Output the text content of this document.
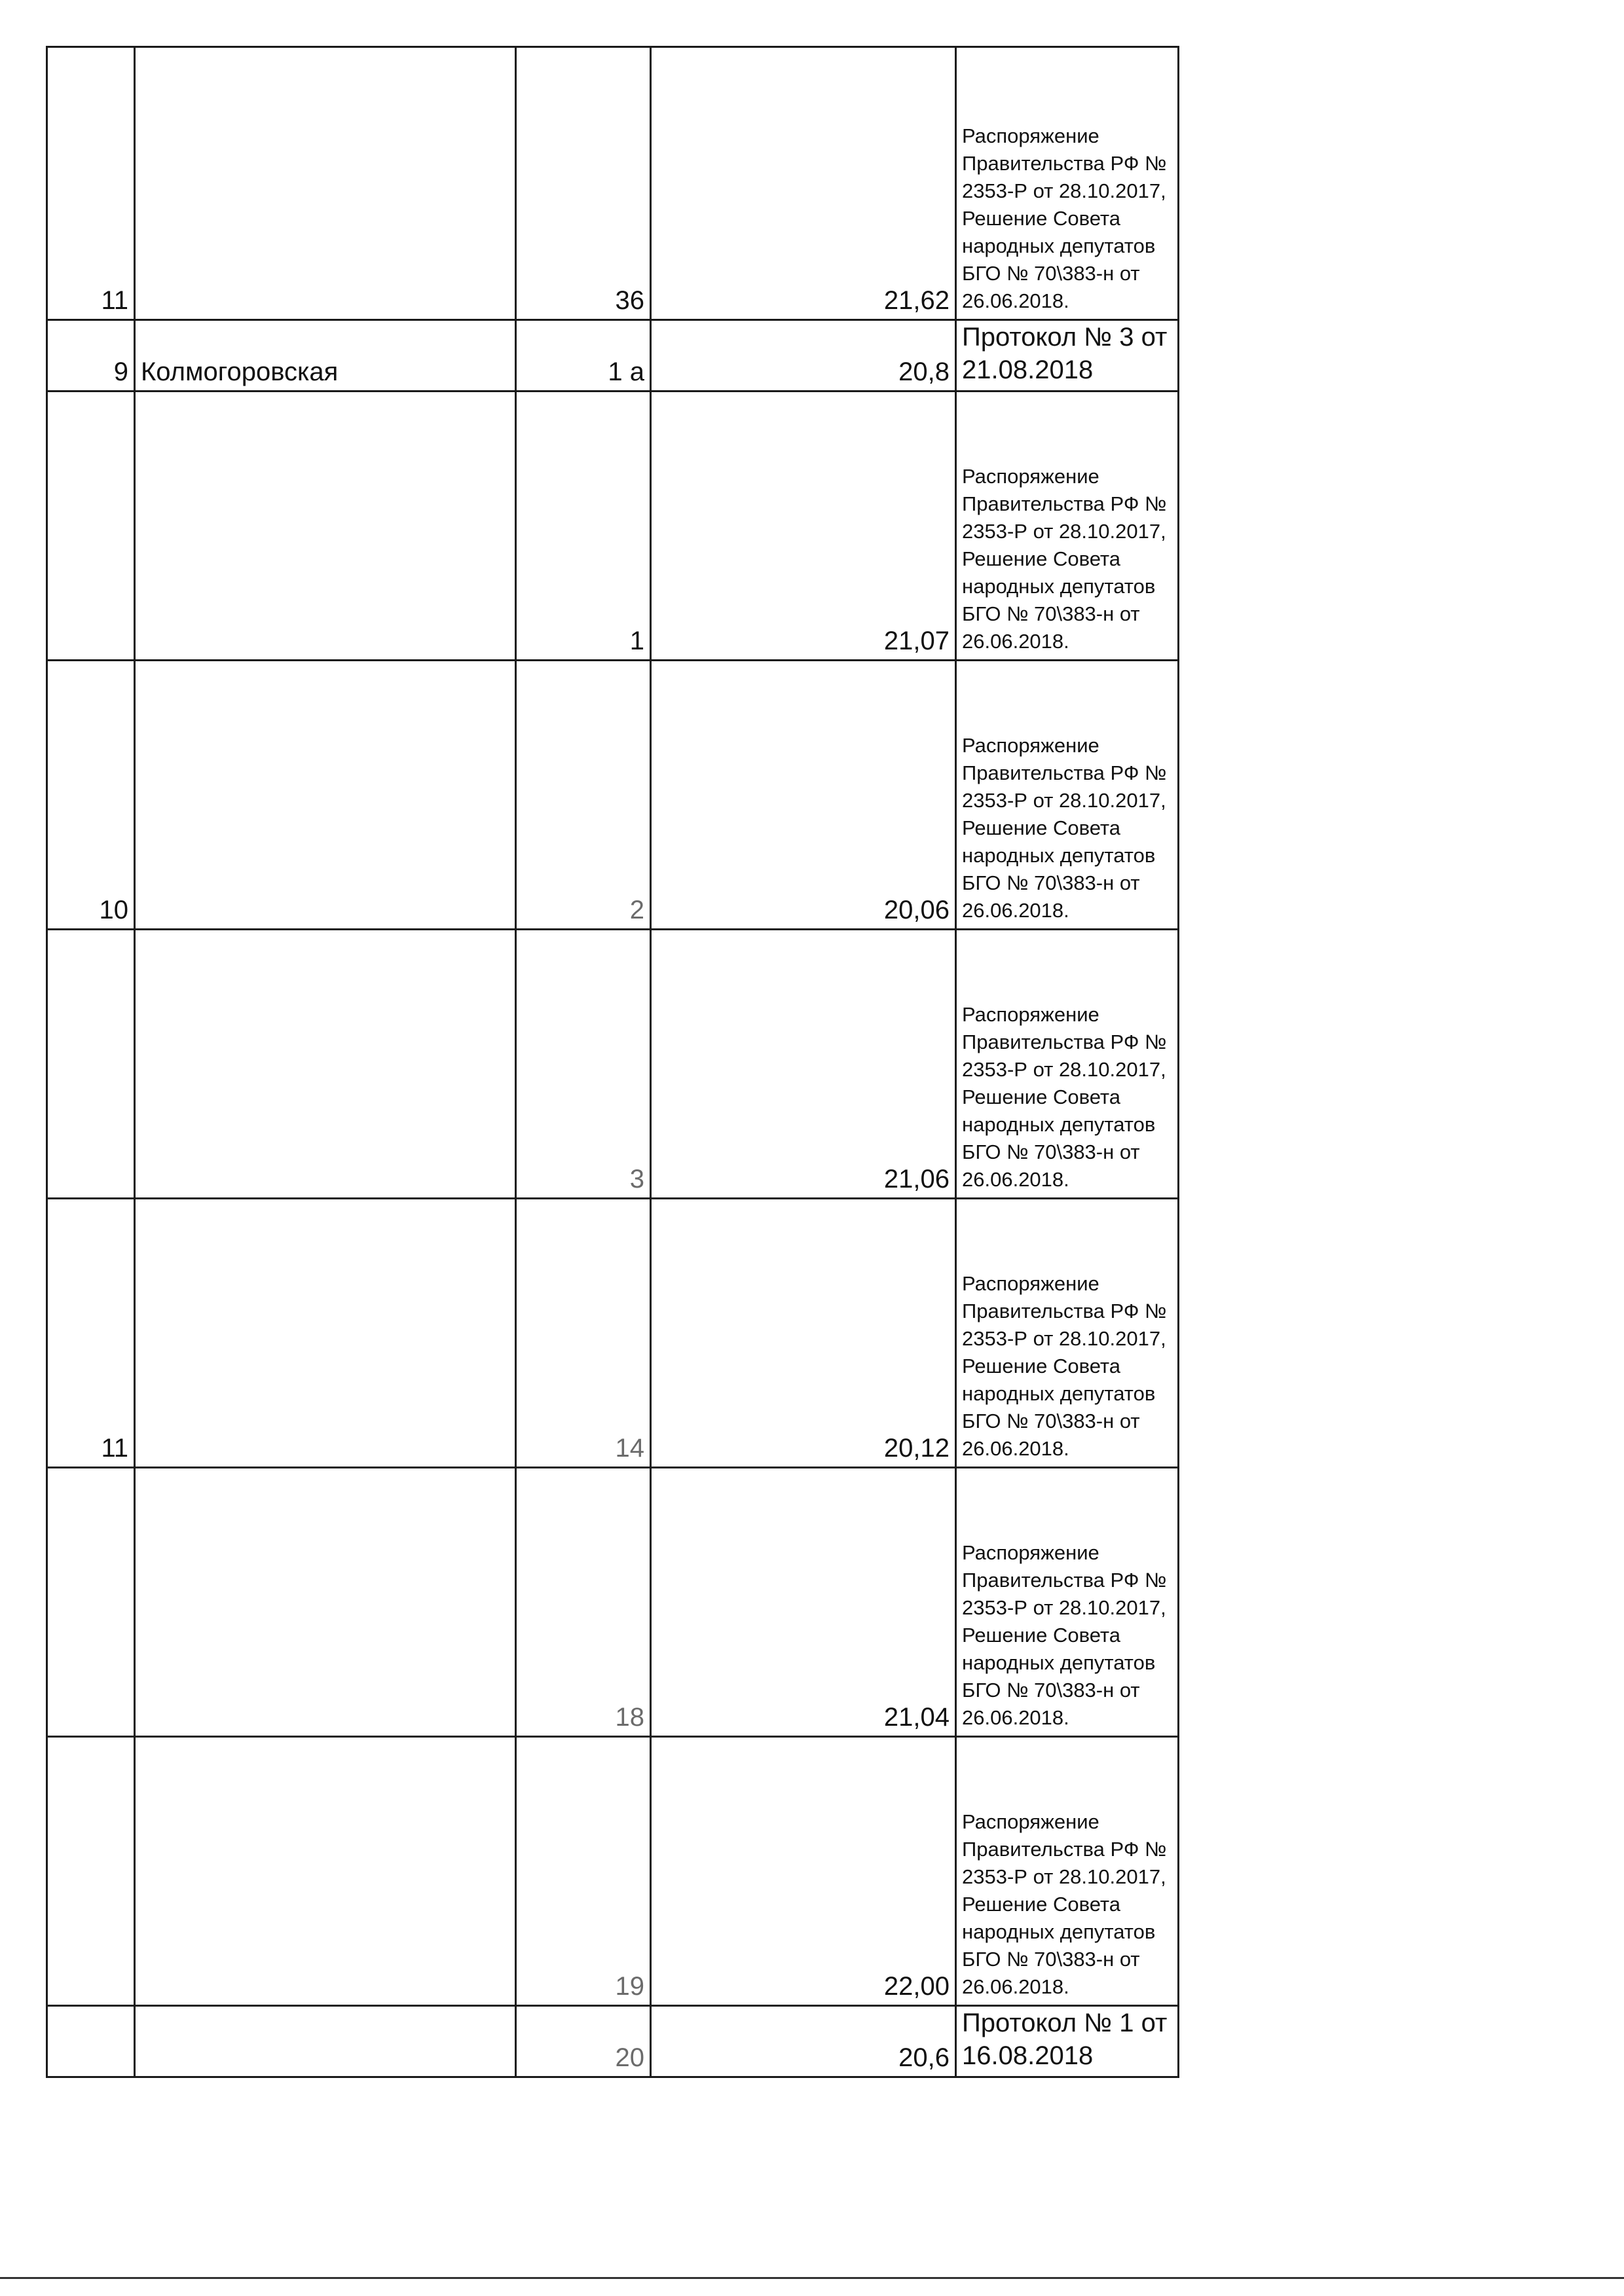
11		36	21,62	Распоряжение Правительства РФ № 2353-Р от 28.10.2017, Решение Совета народных депутатов БГО № 70\383-н от 26.06.2018.
9	Колмогоровская	1 а	20,8	Протокол № 3 от 21.08.2018
		1	21,07	Распоряжение Правительства РФ № 2353-Р от 28.10.2017, Решение Совета народных депутатов БГО № 70\383-н от 26.06.2018.
10		2	20,06	Распоряжение Правительства РФ № 2353-Р от 28.10.2017, Решение Совета народных депутатов БГО № 70\383-н от 26.06.2018.
		3	21,06	Распоряжение Правительства РФ № 2353-Р от 28.10.2017, Решение Совета народных депутатов БГО № 70\383-н от 26.06.2018.
11		14	20,12	Распоряжение Правительства РФ № 2353-Р от 28.10.2017, Решение Совета народных депутатов БГО № 70\383-н от 26.06.2018.
		18	21,04	Распоряжение Правительства РФ № 2353-Р от 28.10.2017, Решение Совета народных депутатов БГО № 70\383-н от 26.06.2018.
		19	22,00	Распоряжение Правительства РФ № 2353-Р от 28.10.2017, Решение Совета народных депутатов БГО № 70\383-н от 26.06.2018.
		20	20,6	Протокол № 1 от 16.08.2018
